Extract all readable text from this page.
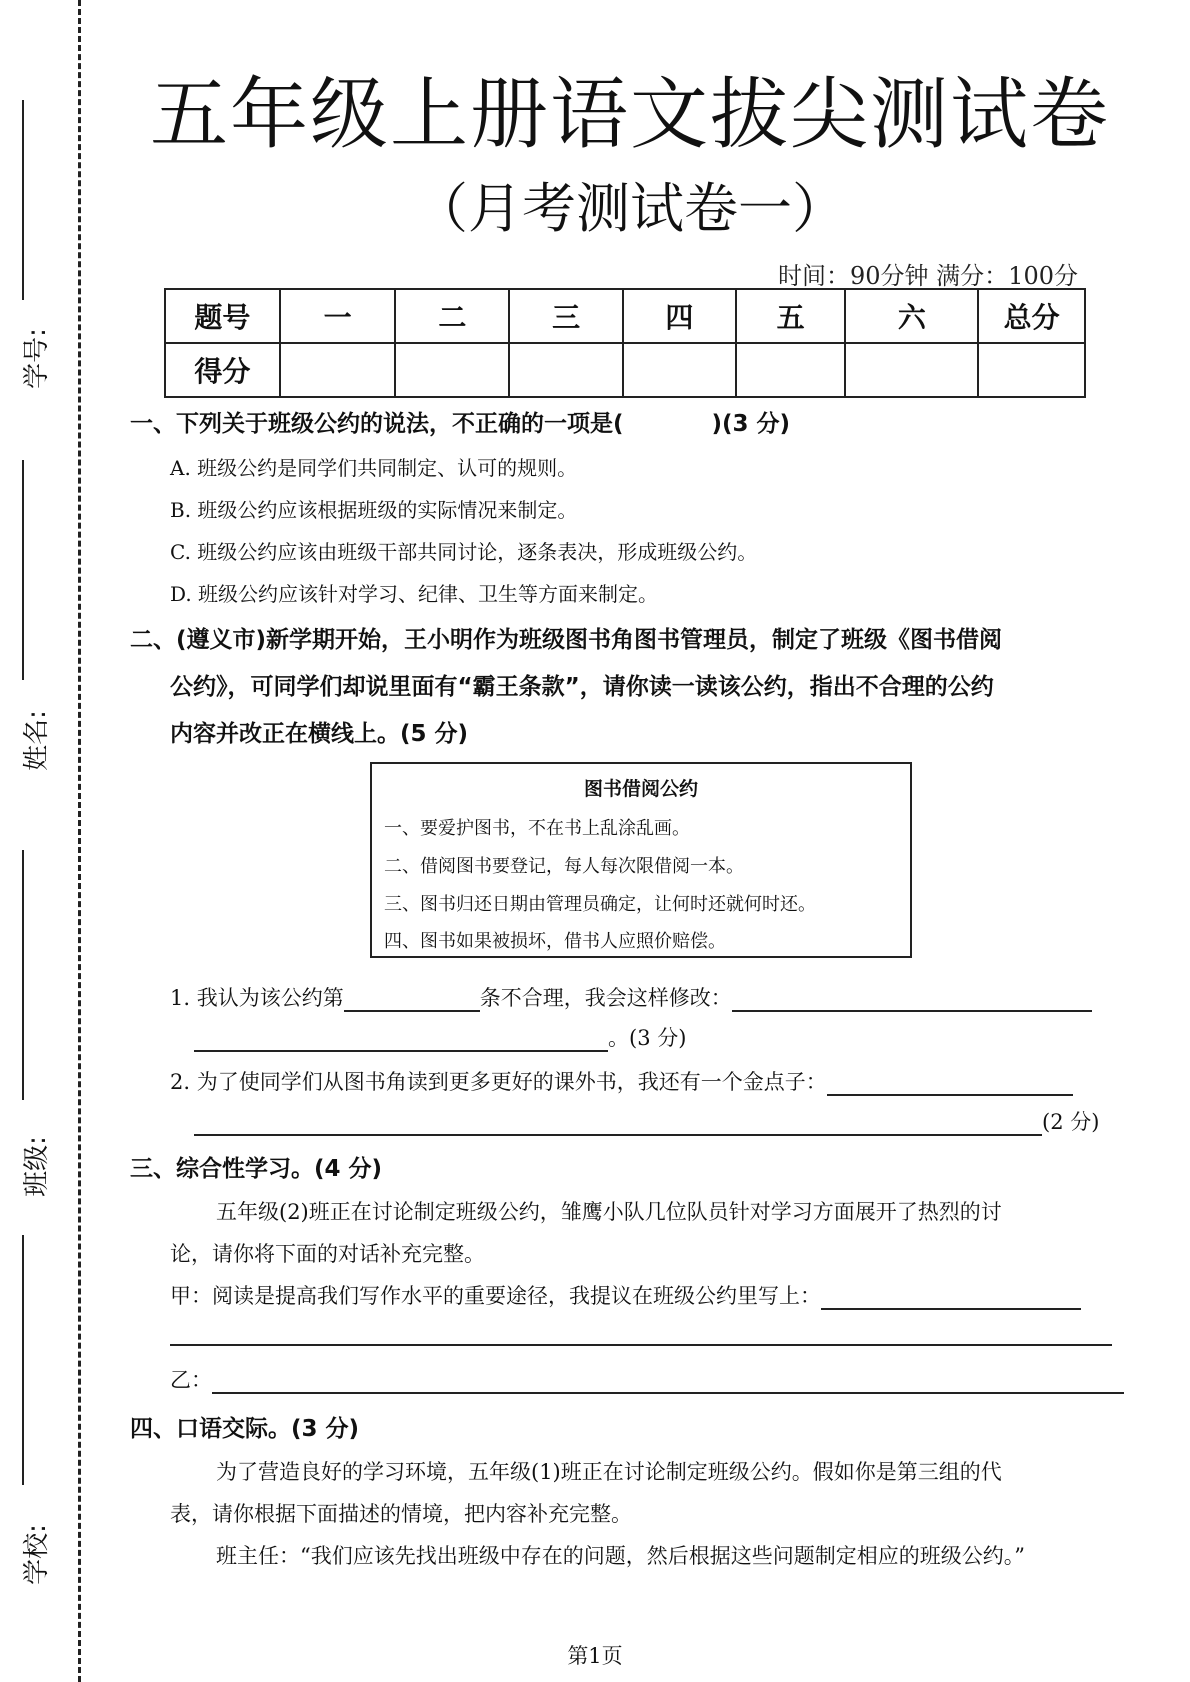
学号:
姓名:
班级:
学校:
五年级上册语文拔尖测试卷
（月考测试卷一）
时间：90分钟 满分：100分
题号	一	二	三	四	五	六	总分
得分							
一、下列关于班级公约的说法，不正确的一项是(	)(3 分)
A. 班级公约是同学们共同制定、认可的规则。
B. 班级公约应该根据班级的实际情况来制定。
C. 班级公约应该由班级干部共同讨论，逐条表决，形成班级公约。
D. 班级公约应该针对学习、纪律、卫生等方面来制定。
二、(遵义市)新学期开始，王小明作为班级图书角图书管理员，制定了班级《图书借阅
公约》，可同学们却说里面有“霸王条款”，请你读一读该公约，指出不合理的公约
内容并改正在横线上。(5 分)
图书借阅公约
一、要爱护图书，不在书上乱涂乱画。
二、借阅图书要登记，每人每次限借阅一本。
三、图书归还日期由管理员确定，让何时还就何时还。
四、图书如果被损坏，借书人应照价赔偿。
1. 我认为该公约第	条不合理，我会这样修改：
。(3 分)
2. 为了使同学们从图书角读到更多更好的课外书，我还有一个金点子：
(2 分)
三、综合性学习。(4 分)
五年级(2)班正在讨论制定班级公约，雏鹰小队几位队员针对学习方面展开了热烈的讨
论，请你将下面的对话补充完整。
甲：阅读是提高我们写作水平的重要途径，我提议在班级公约里写上：
乙：
四、口语交际。(3 分)
为了营造良好的学习环境，五年级(1)班正在讨论制定班级公约。假如你是第三组的代
表，请你根据下面描述的情境，把内容补充完整。
班主任：“我们应该先找出班级中存在的问题，然后根据这些问题制定相应的班级公约。”
第1页
